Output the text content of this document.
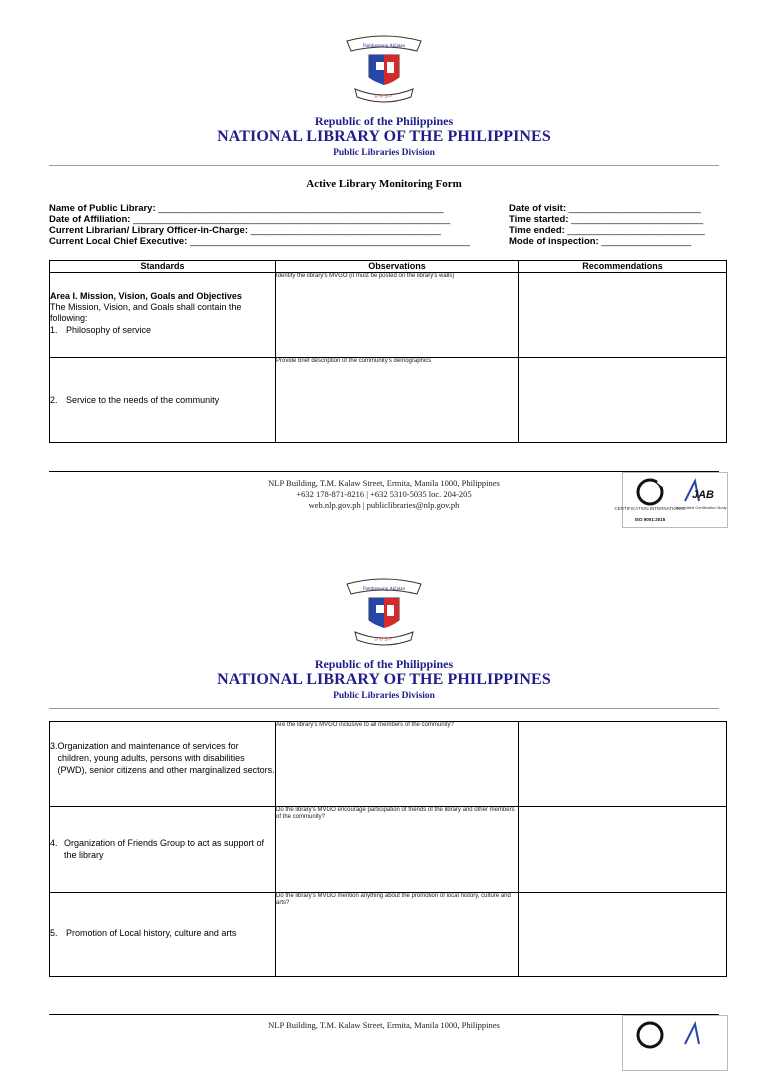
Pambansang Aklatan
ᜉᜀᜃᜆ
Republic of the Philippines
NATIONAL LIBRARY OF THE PHILIPPINES
Public Libraries Division
Active Library Monitoring Form
Name of Public Library: ______________________________________________________
Date of Affiliation: ____________________________________________________________
Current Librarian/ Library Officer-in-Charge: ____________________________________
Current Local Chief Executive: _____________________________________________________
Date of visit: _________________________
Time started: _________________________
Time ended: __________________________
Mode of inspection: _________________
Standards	Observations	Recommendations

Area I. Mission, Vision, Goals and Objectives
The Mission, Vision, and Goals shall contain the following:
1. Philosophy of service	Identify the library's MVGO (it must be posted on the library's walls)	

2. Service to the needs of the community	Provide brief description of the community's demographics	
NLP Building, T.M. Kalaw Street, Ermita, Manila 1000, Philippines
+632 178-871-8216 | +632 5310-5035 loc. 204-205
web.nlp.gov.ph | publiclibraries@nlp.gov.ph	CERTIFICATION INTERNATIONAL
ISO 9001:2015
JAB
Accredited Certification Body
Pambansang Aklatan
ᜉᜀᜃᜆ
Republic of the Philippines
NATIONAL LIBRARY OF THE PHILIPPINES
Public Libraries Division
3. Organization and maintenance of services for children, young adults, persons with disabilities (PWD), senior citizens and other marginalized sectors.	Are the library's MVGO inclusive to all members of the community?	

4. Organization of Friends Group to act as support of the library	Do the library's MVGO encourage participation of friends of the library and other members of the community?	

5. Promotion of Local history, culture and arts	Do the library's MVGO mention anything about the promotion of local history, culture and arts?	
NLP Building, T.M. Kalaw Street, Ermita, Manila 1000, Philippines
